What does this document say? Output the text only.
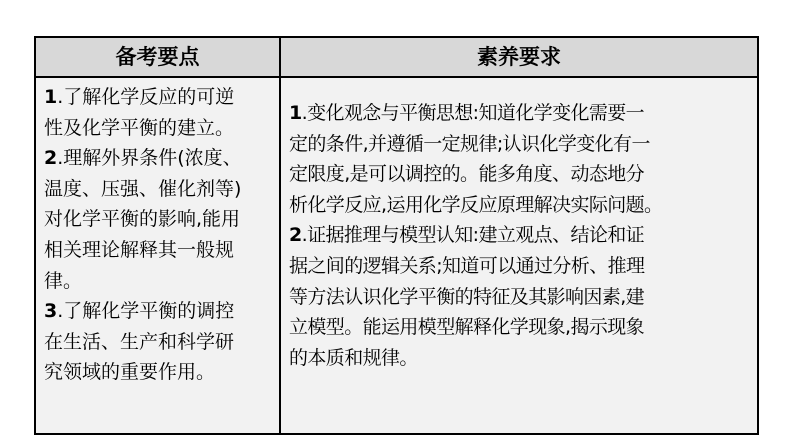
备考要点	素养要求

1.了解化学反应的可逆

性及化学平衡的建立。

2.理解外界条件(浓度、

温度、压强、催化剂等)

对化学平衡的影响,能用

相关理论解释其一般规

律。

3.了解化学平衡的调控

在生活、生产和科学研

究领域的重要作用。

1.变化观念与平衡思想:知道化学变化需要一

定的条件,并遵循一定规律;认识化学变化有一

定限度,是可以调控的。能多角度、动态地分

析化学反应,运用化学反应原理解决实际问题。

2.证据推理与模型认知:建立观点、结论和证

据之间的逻辑关系;知道可以通过分析、推理

等方法认识化学平衡的特征及其影响因素,建

立模型。能运用模型解释化学现象,揭示现象

的本质和规律。
